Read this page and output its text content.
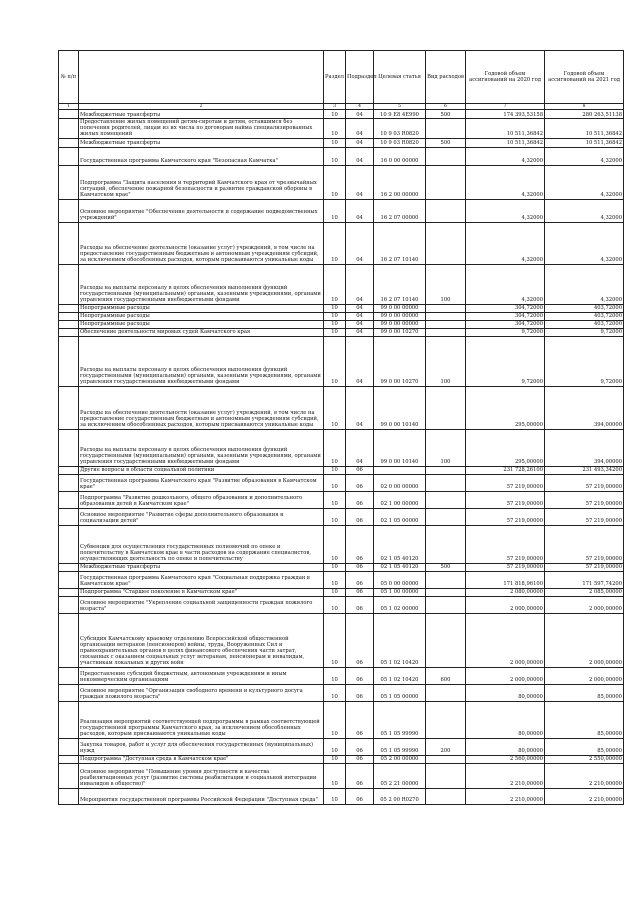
№ п/п		Раздел	Подраздел	Целевая статья	Вид расходов	Годовой объем ассигнований на 2020 год	Годовой объем ассигнований на 2021 год
1	2	3	4	5	6	7	8
	Межбюджетные трансферты	10	04	10 9 Е8 4Е990	500	174 393,53158	280 263,51138
	Предоставление жилых помещений детям-сиротам и детям, оставшимся без попечения родителей, лицам из их числа по договорам найма специализированных жилых помещений	10	04	10 9 03 R0820		10 511,36842	10 511,36842
	Межбюджетные трансферты	10	04	10 9 03 R0820	500	10 511,36842	10 511,36842
	Государственная программа Камчатского края "Безопасная Камчатка"	10	04	16 0 00 00000		4,32000	4,32000
	Подпрограмма "Защита населения и территорий Камчатского края от чрезвычайных ситуаций, обеспечение пожарной безопасности и развитие гражданской обороны в Камчатском крае"	10	04	16 2 00 00000		4,32000	4,32000
	Основное мероприятие "Обеспечение деятельности и содержание подведомственных учреждений"	10	04	16 2 07 00000		4,32000	4,32000
	Расходы на обеспечение деятельности (оказание услуг) учреждений, в том числе на предоставление государственным бюджетным и автономным учреждениям субсидий, за исключением обособленных расходов, которым присваиваются уникальные коды	10	04	16 2 07 10140		4,32000	4,32000
	Расходы на выплаты персоналу в целях обеспечения выполнения функций государственными (муниципальными) органами, казенными учреждениями, органами управления государственными внебюджетными фондами	10	04	16 2 07 10140	100	4,32000	4,32000
	Непрограммные расходы	10	04	99 0 00 00000		304,72000	403,72000
	Непрограммные расходы	10	04	99 0 00 00000		304,72000	403,72000
	Непрограммные расходы	10	04	99 0 00 00000		304,72000	403,72000
	Обеспечение деятельности мировых судей Камчатского края	10	04	99 0 00 10270		9,72000	9,72000
	Расходы на выплаты персоналу в целях обеспечения выполнения функций государственными (муниципальными) органами, казенными учреждениями, органами управления государственными внебюджетными фондами	10	04	99 0 00 10270	100	9,72000	9,72000
	Расходы на обеспечение деятельности (оказание услуг) учреждений, в том числе на предоставление государственным бюджетным и автономным учреждениям субсидий, за исключением обособленных расходов, которым присваиваются уникальные коды	10	04	99 0 00 10140		295,00000	394,00000
	Расходы на выплаты персоналу в целях обеспечения выполнения функций государственными (муниципальными) органами, казенными учреждениями, органами управления государственными внебюджетными фондами	10	04	99 0 00 10140	100	295,00000	394,00000
	Другие вопросы в области социальной политики	10	06			231 728,26100	231 493,34200
	Государственная программа Камчатского края "Развитие образования в Камчатском крае"	10	06	02 0 00 00000		57 219,00000	57 219,00000
	Подпрограмма "Развитие дошкольного, общего образования и дополнительного образования детей в Камчатском крае"	10	06	02 1 00 00000		57 219,00000	57 219,00000
	Основное мероприятие "Развитие сферы дополнительного образования и социализации детей"	10	06	02 1 05 00000		57 219,00000	57 219,00000
	Субвенции для осуществления государственных полномочий по опеке и попечительству в Камчатском крае в части расходов на содержание специалистов, осуществляющих деятельность по опеке и попечительству	10	06	02 1 05 40120		57 219,00000	57 219,00000
	Межбюджетные трансферты	10	06	02 1 05 40120	500	57 219,00000	57 219,00000
	Государственная программа Камчатского края "Социальная поддержка граждан в Камчатском крае"	10	06	05 0 00 00000		171 818,96100	171 597,74200
	Подпрограмма "Старшее поколение в Камчатском крае"	10	06	05 1 00 00000		2 080,00000	2 085,00000
	Основное мероприятие "Укрепление социальной защищенности граждан пожилого возраста"	10	06	05 1 02 00000		2 000,00000	2 000,00000
	Субсидия Камчатскому краевому отделению Всероссийской общественной организации ветеранов (пенсионеров) войны, труда, Вооруженных Сил и правоохранительных органов в целях финансового обеспечения части затрат, связанных с оказанием социальных услуг ветеранам, пенсионерам и инвалидам, участникам локальных и других войн	10	06	05 1 02 10420		2 000,00000	2 000,00000
	Предоставление субсидий бюджетным, автономным учреждениям и иным некоммерческим организациям	10	06	05 1 02 10420	600	2 000,00000	2 000,00000
	Основное мероприятие "Организация свободного времени и культурного досуга граждан пожилого возраста"	10	06	05 1 05 00000		80,00000	85,00000
	Реализация мероприятий соответствующей подпрограммы в рамках соответствующей государственной программы Камчатского края, за исключением обособленных расходов, которым присваиваются уникальные коды	10	06	05 1 05 99990		80,00000	85,00000
	Закупка товаров, работ и услуг для обеспечения государственных (муниципальных) нужд	10	06	05 1 05 99990	200	80,00000	85,00000
	Подпрограмма "Доступная среда в Камчатском крае"	10	06	05 2 00 00000		2 560,00000	2 550,00000
	Основное мероприятие "Повышение уровня доступности и качества реабилитационных услуг (развитие системы реабилитации и социальной интеграции инвалидов в общество)"	10	06	05 2 21 00000		2 210,00000	2 210,00000
	Мероприятия государственной программы Российской Федерации "Доступная среда"	10	06	05 2 00 R0270		2 210,00000	2 210,00000
